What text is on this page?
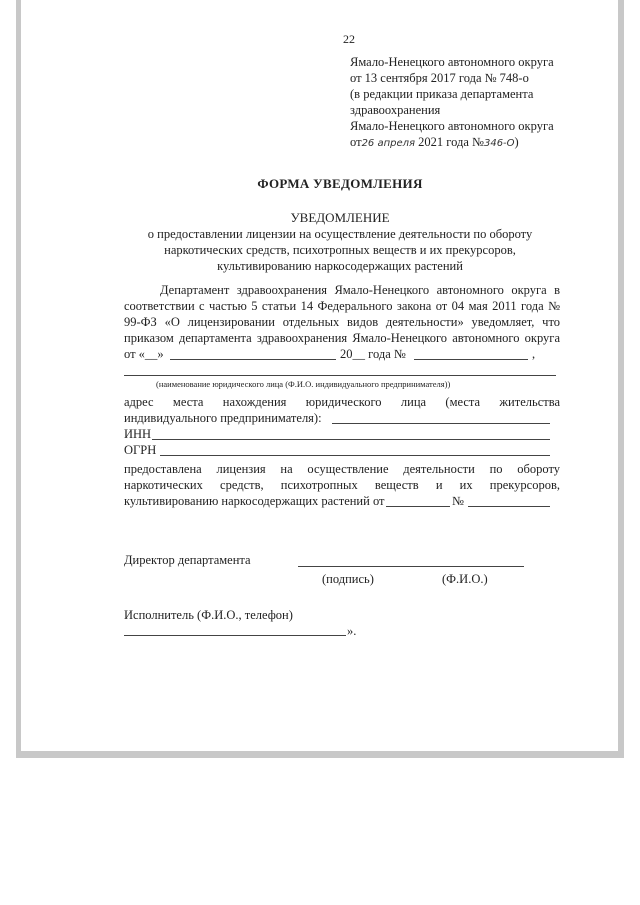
22
Ямало-Ненецкого автономного округа
от 13 сентября 2017 года № 748-о
(в редакции приказа департамента
здравоохранения
Ямало-Ненецкого автономного округа
от26 апреля 2021 года №346-О)
ФОРМА УВЕДОМЛЕНИЯ
УВЕДОМЛЕНИЕ
о предоставлении лицензии на осуществление деятельности по обороту
наркотических средств, психотропных веществ и их прекурсоров,
культивированию наркосодержащих растений
Департамент здравоохранения Ямало-Ненецкого автономного округа в
соответствии с частью 5 статьи 14 Федерального закона от 04 мая 2011 года №
99-ФЗ «О лицензировании отдельных видов деятельности» уведомляет, что
приказом департамента здравоохранения Ямало-Ненецкого автономного округа
от «__»	20__ года №	,
(наименование юридического лица (Ф.И.О. индивидуального предпринимателя))
адрес места нахождения юридического лица (места жительства
индивидуального предпринимателя):
ИНН
ОГРН
предоставлена лицензия на осуществление деятельности по обороту
наркотических средств, психотропных веществ и их прекурсоров,
культивированию наркосодержащих растений от	№
Директор департамента
(подпись)	(Ф.И.О.)
Исполнитель (Ф.И.О., телефон)
».
